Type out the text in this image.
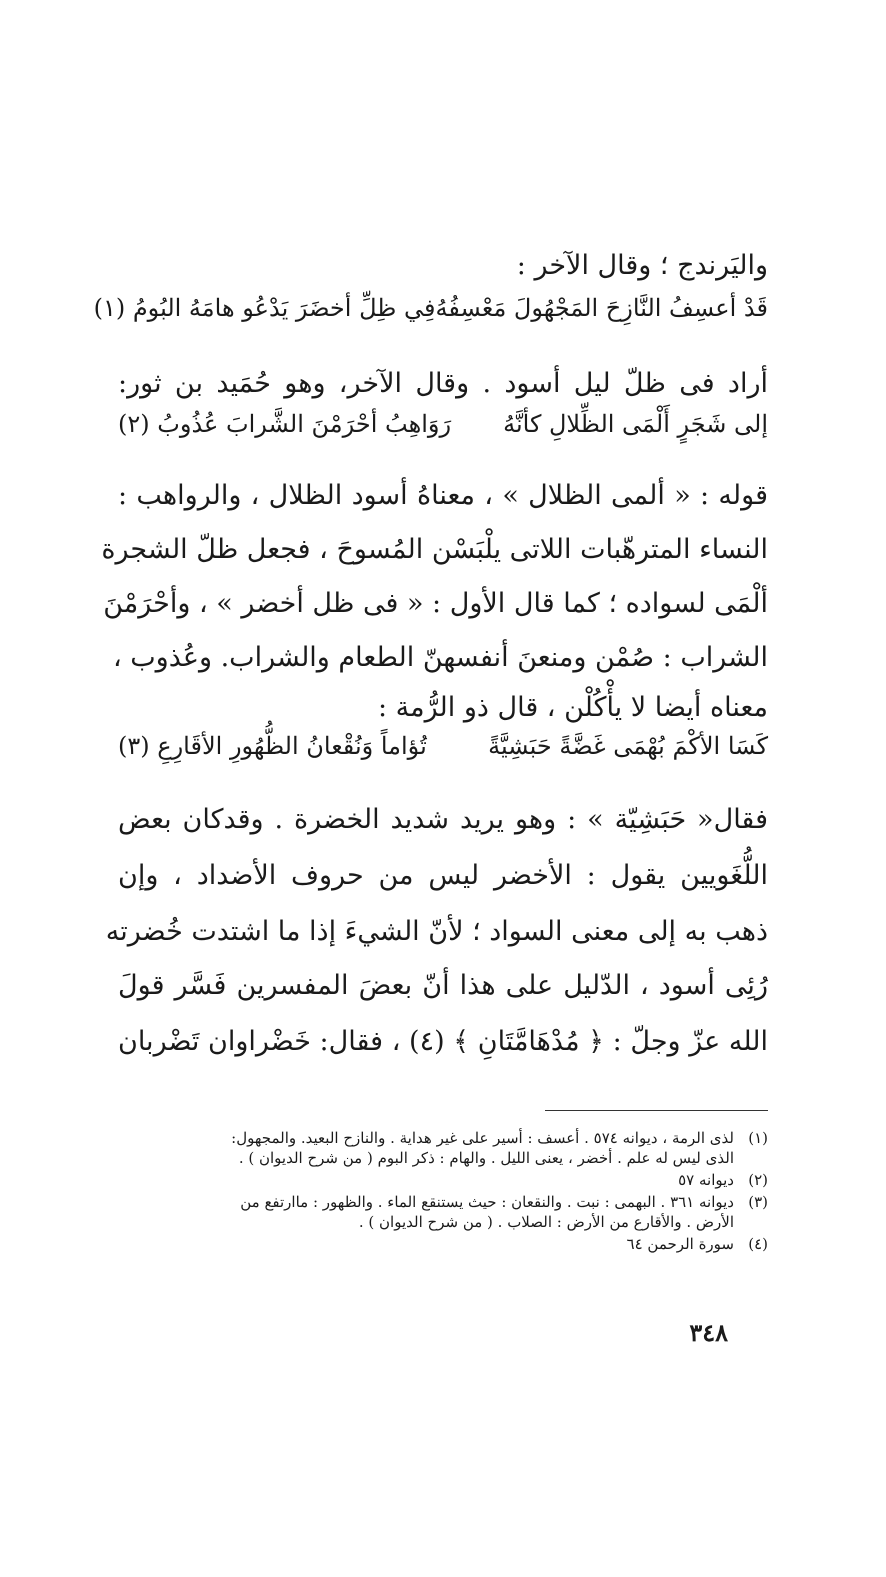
واليَرندج ؛ وقال الآخر :
قَدْ أعسِفُ النَّازِحَ المَجْهُولَ مَعْسِفُهُ
فِي ظِلِّ أخضَرَ يَدْعُو هامَهُ البُومُ (١)
أراد فى ظلّ ليل أسود . وقال الآخر، وهو حُمَيد بن ثور:
إلى شَجَرٍ أَلْمَى الظِّلالِ كأنَّهُ
رَوَاهِبُ أحْرَمْنَ الشَّرابَ عُذُوبُ (٢)
قوله : « ألمى الظلال » ، معناهُ أسود الظلال ، والرواهب :
النساء المترهّبات اللاتى يلْبَسْن المُسوحَ ، فجعل ظلّ الشجرة
ألْمَى لسواده ؛ كما قال الأول : « فى ظل أخضر » ، وأحْرَمْنَ
الشراب : صُمْن ومنعنَ أنفسهنّ الطعام والشراب. وعُذوب ،
معناه أيضا لا يأْكُلْن ، قال ذو الرُّمة :
كَسَا الأكْمَ بُهْمَى غَضَّةً حَبَشِيَّةً
تُؤاماً وَنُقْعانُ الظُّهُورِ الأقَارِعِ (٣)
فقال« حَبَشِيّة » : وهو يريد شديد الخضرة . وقدكان بعض
اللُّغَويين يقول : الأخضر ليس من حروف الأضداد ، وإن
ذهب به إلى معنى السواد ؛ لأنّ الشيءَ إذا ما اشتدت خُضرته
رُئِى أسود ، الدّليل على هذا أنّ بعضَ المفسرين فَسَّر قولَ
الله عزّ وجلّ : ﴿ مُدْهَامَّتَانِ ﴾ (٤) ، فقال: خَضْراوان تَضْربان
(١)لذى الرمة ، ديوانه ٥٧٤ . أعسف : أسير على غير هداية . والنازح البعيد. والمجهول:
الذى ليس له علم . أخضر ، يعنى الليل . والهام : ذكر البوم ( من شرح الديوان ) .
(٢)ديوانه ٥٧
(٣)ديوانه ٣٦١ . البهمى : نبت . والنقعان : حيث يستنقع الماء . والظهور : ماارتفع من
الأرض . والأقارع من الأرض : الصلاب . ( من شرح الديوان ) .
(٤)سورة الرحمن ٦٤
٣٤٨
